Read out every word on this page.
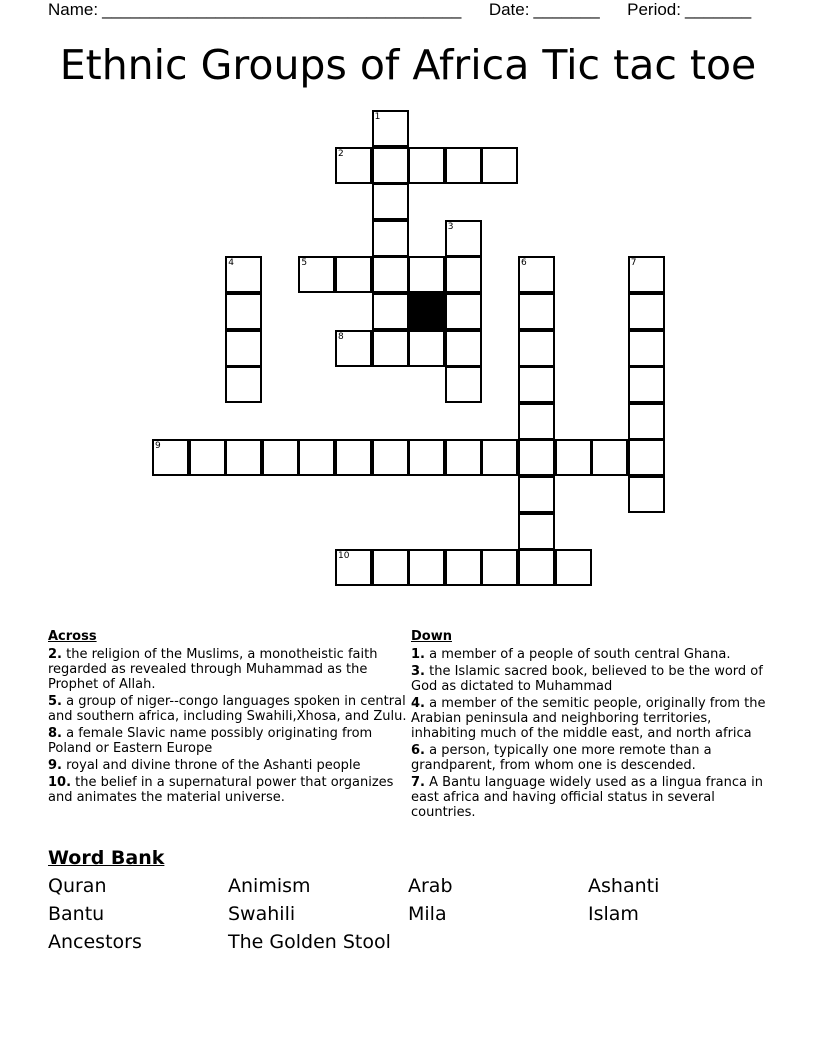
Name: ______________________________________ Date: _______ Period: _______
Ethnic Groups of Africa Tic tac toe
1
2
3
4	5	6	7
8
9
10
Across
2. the religion of the Muslims, a monotheistic faith regarded as revealed through Muhammad as the Prophet of Allah.
5. a group of niger--congo languages spoken in central and southern africa, including Swahili,Xhosa, and Zulu.
8. a female Slavic name possibly originating from Poland or Eastern Europe
9. royal and divine throne of the Ashanti people
10. the belief in a supernatural power that organizes and animates the material universe.
Down
1. a member of a people of south central Ghana.
3. the Islamic sacred book, believed to be the word of God as dictated to Muhammad
4. a member of the semitic people, originally from the Arabian peninsula and neighboring territories, inhabiting much of the middle east, and north africa
6. a person, typically one more remote than a grandparent, from whom one is descended.
7. A Bantu language widely used as a lingua franca in east africa and having official status in several countries.
Word Bank
Quran	Animism	Arab	Ashanti
Bantu	Swahili	Mila	Islam
Ancestors	The Golden Stool
